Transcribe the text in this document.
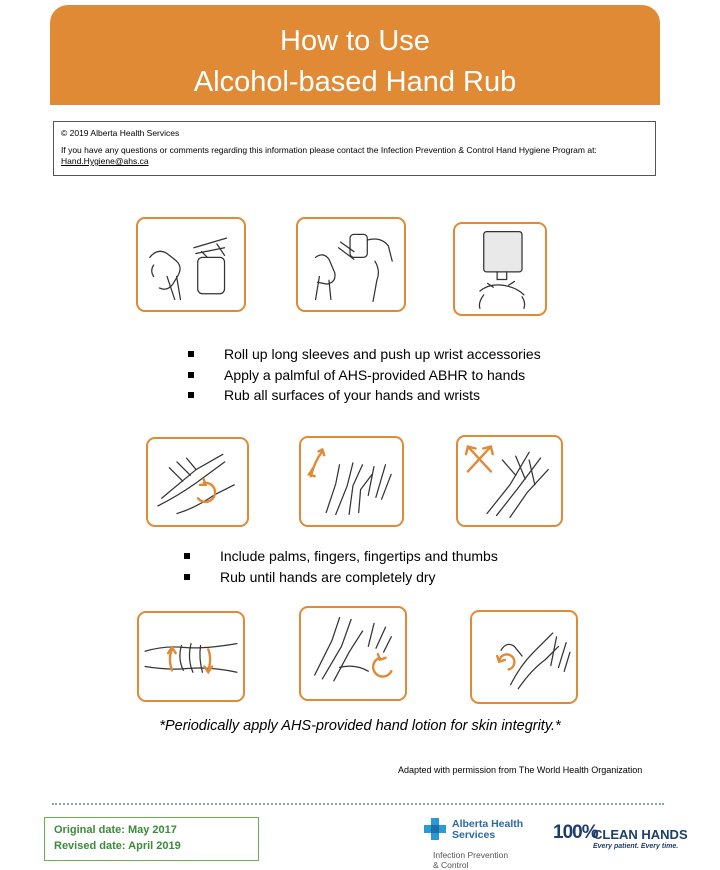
How to Use
Alcohol-based Hand Rub
© 2019 Alberta Health Services
If you have any questions or comments regarding this information please contact the Infection Prevention & Control Hand Hygiene Program at:
Hand.Hygiene@ahs.ca
Roll up long sleeves and push up wrist accessories
Apply a palmful of AHS-provided ABHR to hands
Rub all surfaces of your hands and wrists
Include palms, fingers, fingertips and thumbs
Rub until hands are completely dry
*Periodically apply AHS-provided hand lotion for skin integrity.*
Adapted with permission from The World Health Organization
Original date: May 2017
Revised date: April 2019
Alberta Health
Services
Infection Prevention
& Control
100%
CLEAN HANDS
Every patient. Every time.
